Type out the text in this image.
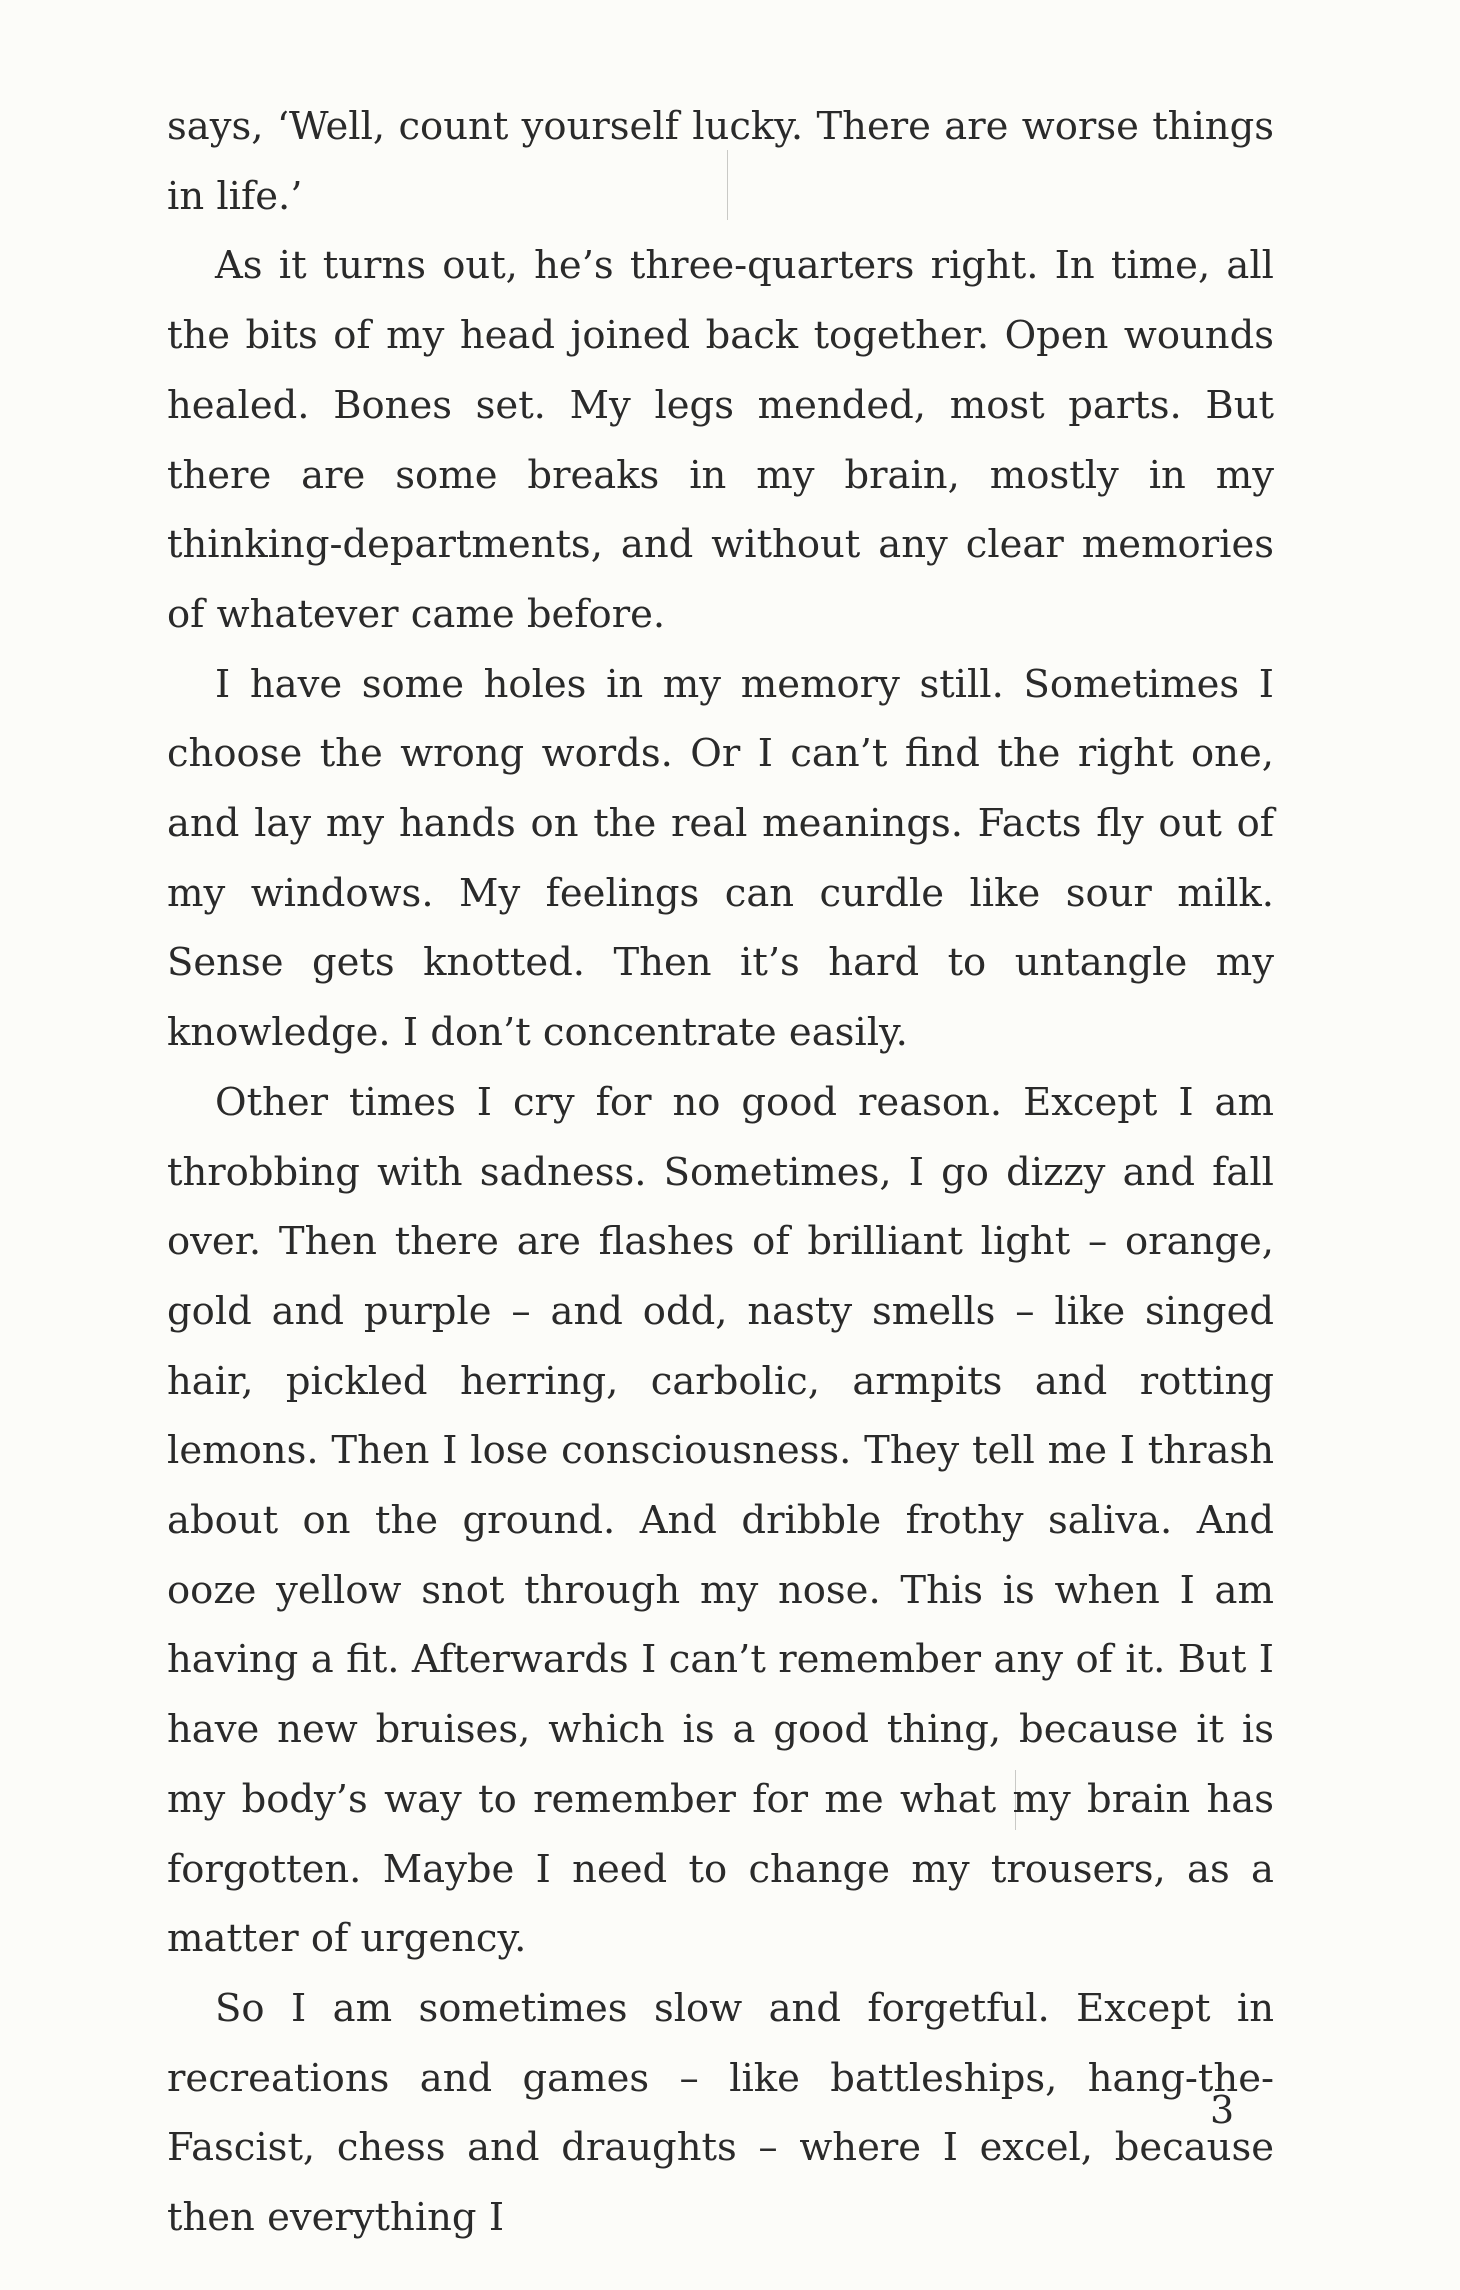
says, ‘Well, count yourself lucky. There are worse things in life.’

As it turns out, he’s three-quarters right. In time, all the bits of my head joined back together. Open wounds healed. Bones set. My legs mended, most parts. But there are some breaks in my brain, mostly in my thinking-departments, and without any clear memories of whatever came before.

I have some holes in my memory still. Sometimes I choose the wrong words. Or I can’t find the right one, and lay my hands on the real meanings. Facts fly out of my windows. My feelings can curdle like sour milk. Sense gets knotted. Then it’s hard to untangle my knowledge. I don’t concentrate easily.

Other times I cry for no good reason. Except I am throbbing with sadness. Sometimes, I go dizzy and fall over. Then there are flashes of brilliant light – orange, gold and purple – and odd, nasty smells – like singed hair, pickled herring, carbolic, armpits and rotting lemons. Then I lose consciousness. They tell me I thrash about on the ground. And dribble frothy saliva. And ooze yellow snot through my nose. This is when I am having a fit. Afterwards I can’t remember any of it. But I have new bruises, which is a good thing, because it is my body’s way to remember for me what my brain has forgotten. Maybe I need to change my trousers, as a matter of urgency.

So I am sometimes slow and forgetful. Except in recreations and games – like battleships, hang-the-Fascist, chess and draughts – where I excel, because then everything I

3
